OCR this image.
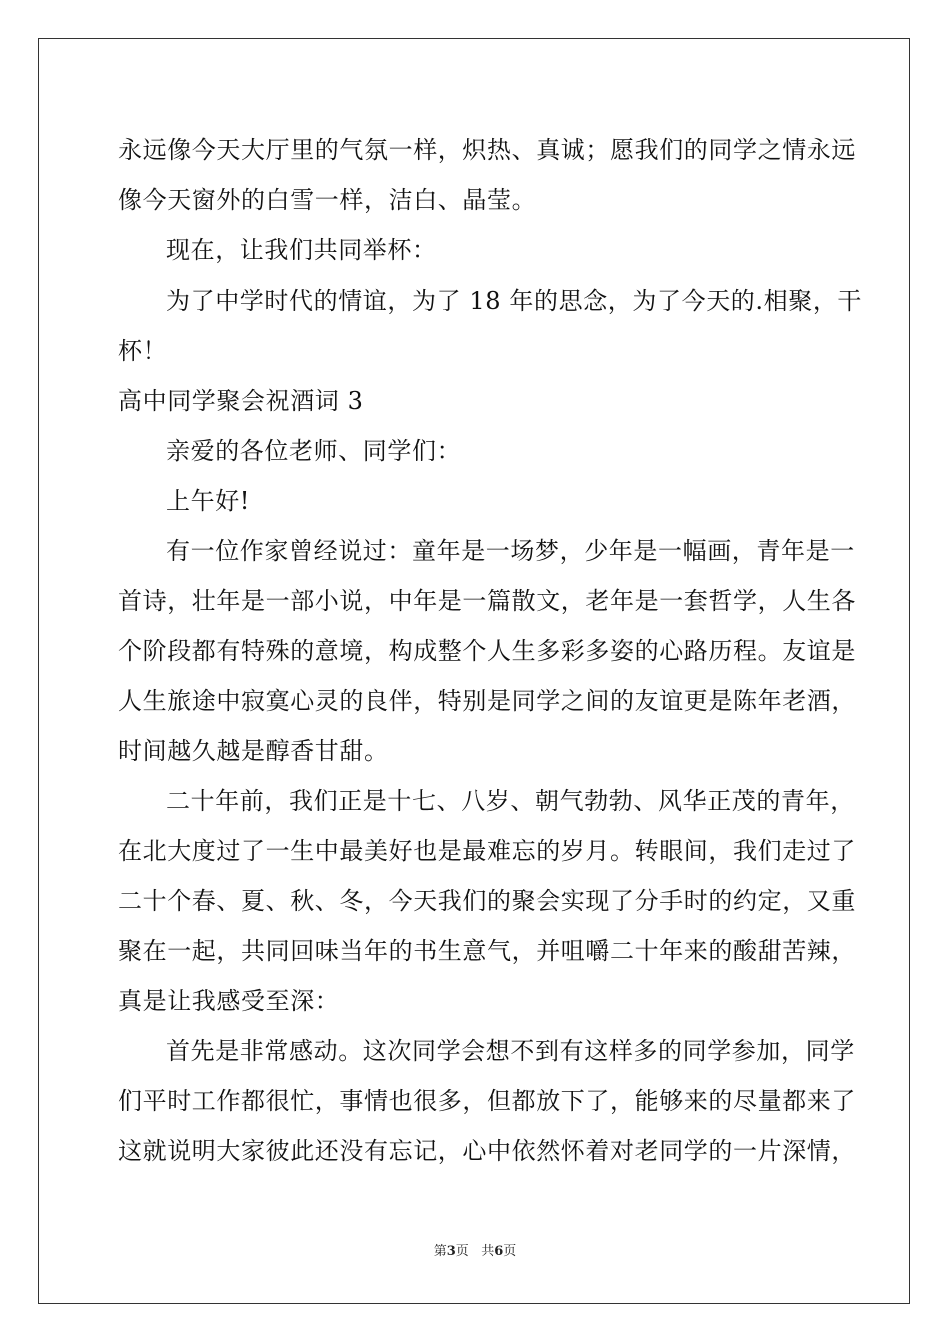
永远像今天大厅里的气氛一样，炽热、真诚；愿我们的同学之情永远
像今天窗外的白雪一样，洁白、晶莹。
现在，让我们共同举杯：
为了中学时代的情谊，为了 18 年的思念，为了今天的.相聚，干
杯！
高中同学聚会祝酒词 3
亲爱的各位老师、同学们：
上午好!
有一位作家曾经说过：童年是一场梦，少年是一幅画，青年是一
首诗，壮年是一部小说，中年是一篇散文，老年是一套哲学，人生各
个阶段都有特殊的意境，构成整个人生多彩多姿的心路历程。友谊是
人生旅途中寂寞心灵的良伴，特别是同学之间的友谊更是陈年老酒，
时间越久越是醇香甘甜。
二十年前，我们正是十七、八岁、朝气勃勃、风华正茂的青年，
在北大度过了一生中最美好也是最难忘的岁月。转眼间，我们走过了
二十个春、夏、秋、冬，今天我们的聚会实现了分手时的约定，又重
聚在一起，共同回味当年的书生意气，并咀嚼二十年来的酸甜苦辣，
真是让我感受至深：
首先是非常感动。这次同学会想不到有这样多的同学参加，同学
们平时工作都很忙，事情也很多，但都放下了，能够来的尽量都来了
这就说明大家彼此还没有忘记，心中依然怀着对老同学的一片深情，
第3页 共6页
